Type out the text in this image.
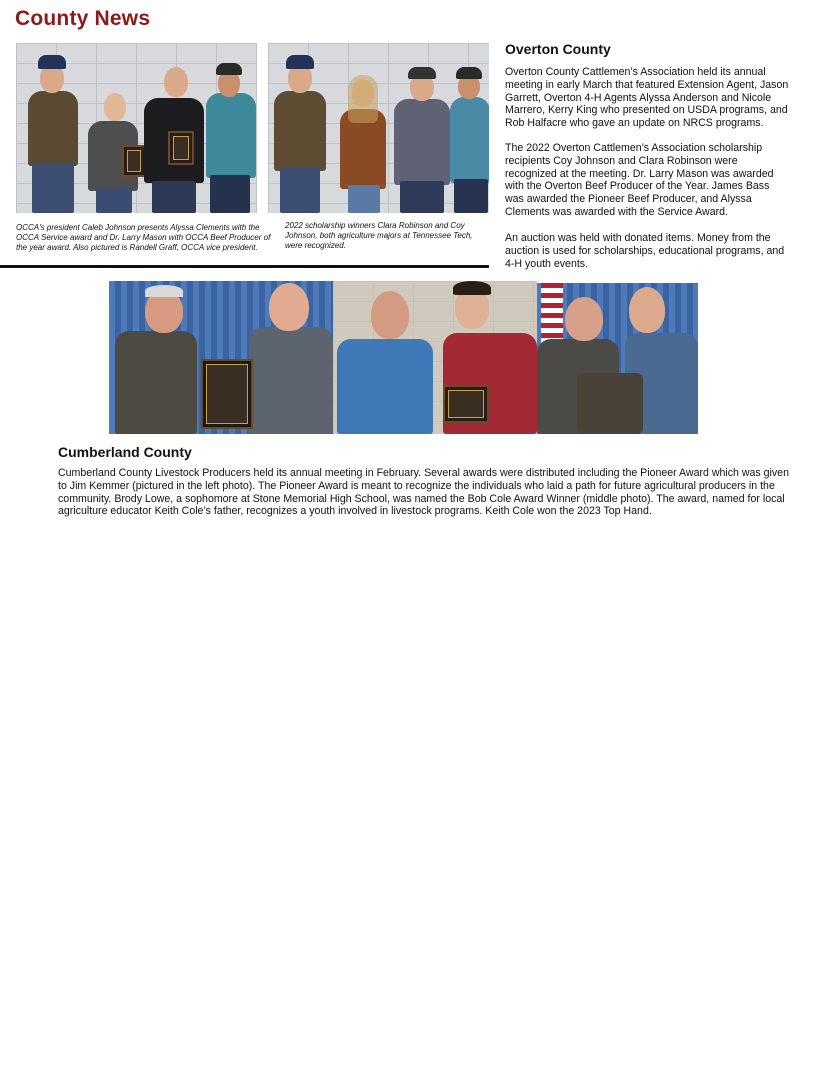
County News

OCCA's president Caleb Johnson presents Alyssa Clements with the OCCA Service award and Dr. Larry Mason with OCCA Beef Producer of the year award. Also pictured is Randell Graff, OCCA vice president.

2022 scholarship winners Clara Robinson and Coy Johnson, both agriculture majors at Tennessee Tech, were recognized.

Overton County

Overton County Cattlemen’s Association held its annual meeting in early March that featured Extension Agent, Jason Garrett, Overton 4-H Agents Alyssa Anderson and Nicole Marrero, Kerry King who presented on USDA programs, and Rob Halfacre who gave an update on NRCS programs.

The 2022 Overton Cattlemen’s Association scholarship recipients Coy Johnson and Clara Robinson were recognized at the meeting. Dr. Larry Mason was awarded with the Overton Beef Producer of the Year. James Bass was awarded the Pioneer Beef Producer, and Alyssa Clements was awarded with the Service Award.

An auction was held with donated items. Money from the auction is used for scholarships, educational programs, and 4-H youth events.

Cumberland County

Cumberland County Livestock Producers held its annual meeting in February. Several awards were distributed including the Pioneer Award which was given to Jim Kemmer (pictured in the left photo). The Pioneer Award is meant to recognize the individuals who laid a path for future agricultural producers in the community. Brody Lowe, a sophomore at Stone Memorial High School, was named the Bob Cole Award Winner (middle photo). The award, named for local agriculture educator Keith Cole’s father, recognizes a youth involved in livestock programs. Keith Cole won the 2023 Top Hand.
